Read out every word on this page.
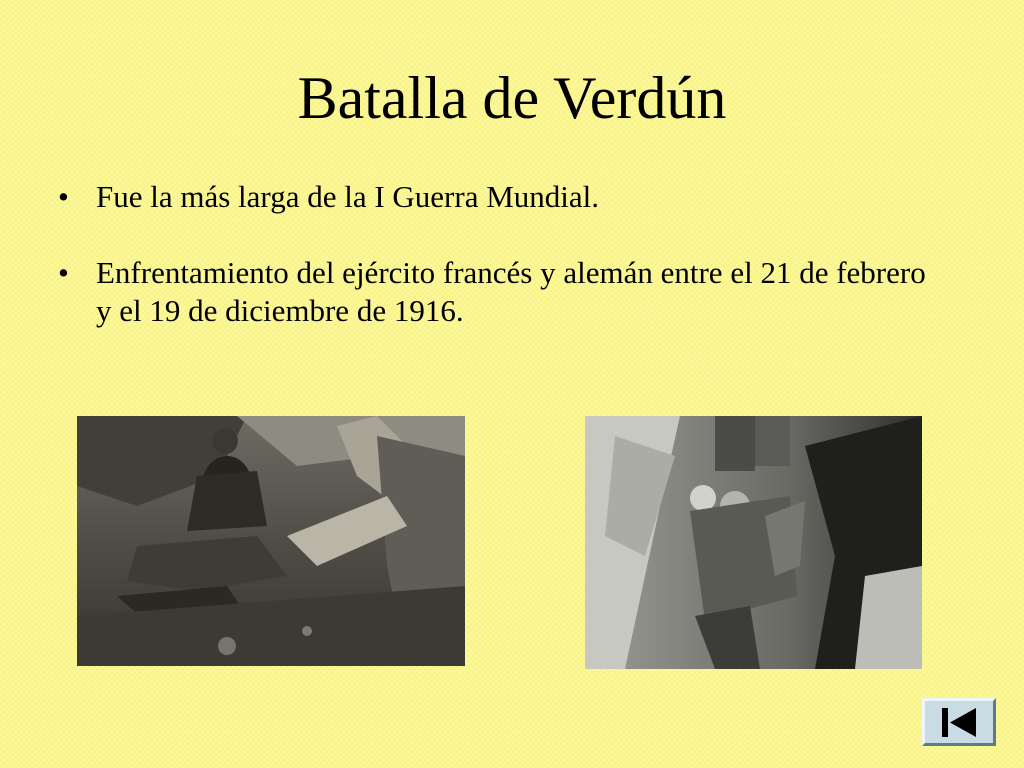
Batalla de Verdún
• Fue la más larga de la I Guerra Mundial.
• Enfrentamiento del ejército francés y alemán entre el 21 de febrero y el 19 de diciembre de 1916.
